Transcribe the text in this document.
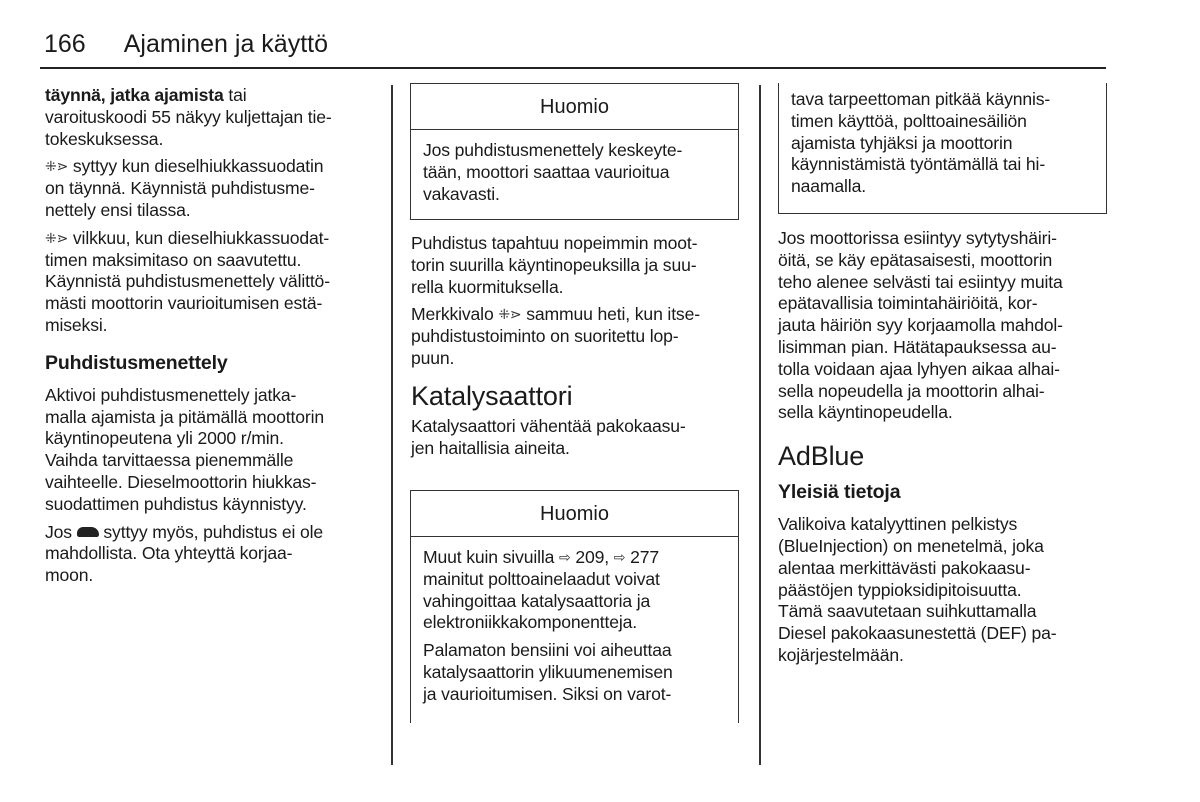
166 Ajaminen ja käyttö
täynnä, jatka ajamista tai
varoituskoodi 55 näkyy kuljettajan tie-
tokeskuksessa.
⁜⋗ syttyy kun dieselhiukkassuodatin
on täynnä. Käynnistä puhdistusme-
nettely ensi tilassa.
⁜⋗ vilkkuu, kun dieselhiukkassuodat-
timen maksimitaso on saavutettu.
Käynnistä puhdistusmenettely välittö-
mästi moottorin vaurioitumisen estä-
miseksi.
Puhdistusmenettely
Aktivoi puhdistusmenettely jatka-
malla ajamista ja pitämällä moottorin
käyntinopeutena yli 2000 r/min.
Vaihda tarvittaessa pienemmälle
vaihteelle. Dieselmoottorin hiukkas-
suodattimen puhdistus käynnistyy.
Jos  syttyy myös, puhdistus ei ole
mahdollista. Ota yhteyttä korjaa-
moon.
Huomio
Jos puhdistusmenettely keskeyte-
tään, moottori saattaa vaurioitua
vakavasti.
Puhdistus tapahtuu nopeimmin moot-
torin suurilla käyntinopeuksilla ja suu-
rella kuormituksella.
Merkkivalo ⁜⋗ sammuu heti, kun itse-
puhdistustoiminto on suoritettu lop-
puun.
Katalysaattori
Katalysaattori vähentää pakokaasu-
jen haitallisia aineita.
Huomio
Muut kuin sivuilla ⇨ 209, ⇨ 277
mainitut polttoainelaadut voivat
vahingoittaa katalysaattoria ja
elektroniikkakomponentteja.
Palamaton bensiini voi aiheuttaa
katalysaattorin ylikuumenemisen
ja vaurioitumisen. Siksi on varot-
tava tarpeettoman pitkää käynnis-
timen käyttöä, polttoainesäiliön
ajamista tyhjäksi ja moottorin
käynnistämistä työntämällä tai hi-
naamalla.
Jos moottorissa esiintyy sytytyshäiri-
öitä, se käy epätasaisesti, moottorin
teho alenee selvästi tai esiintyy muita
epätavallisia toimintahäiriöitä, kor-
jauta häiriön syy korjaamolla mahdol-
lisimman pian. Hätätapauksessa au-
tolla voidaan ajaa lyhyen aikaa alhai-
sella nopeudella ja moottorin alhai-
sella käyntinopeudella.
AdBlue
Yleisiä tietoja
Valikoiva katalyyttinen pelkistys
(BlueInjection) on menetelmä, joka
alentaa merkittävästi pakokaasu-
päästöjen typpioksidipitoisuutta.
Tämä saavutetaan suihkuttamalla
Diesel pakokaasunestettä (DEF) pa-
kojärjestelmään.
